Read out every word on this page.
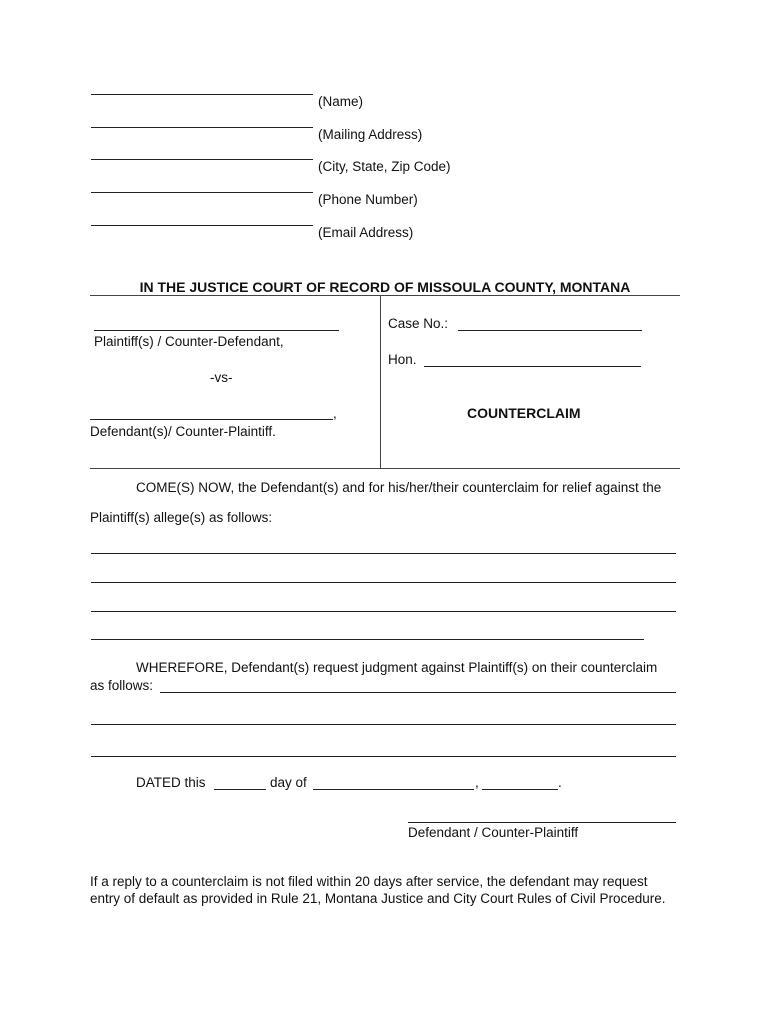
(Name)
(Mailing Address)
(City, State, Zip Code)
(Phone Number)
(Email Address)
IN THE JUSTICE COURT OF RECORD OF MISSOULA COUNTY, MONTANA
Plaintiff(s) / Counter-Defendant,
-vs-
,
Defendant(s)/ Counter-Plaintiff.
Case No.:
Hon.
COUNTERCLAIM
COME(S) NOW, the Defendant(s) and for his/her/their counterclaim for relief against the
Plaintiff(s) allege(s) as follows:
WHEREFORE, Defendant(s) request judgment against Plaintiff(s) on their counterclaim
as follows:
DATED this	day of	,	.
Defendant / Counter-Plaintiff
If a reply to a counterclaim is not filed within 20 days after service, the defendant may request entry of default as provided in Rule 21, Montana Justice and City Court Rules of Civil Procedure.
